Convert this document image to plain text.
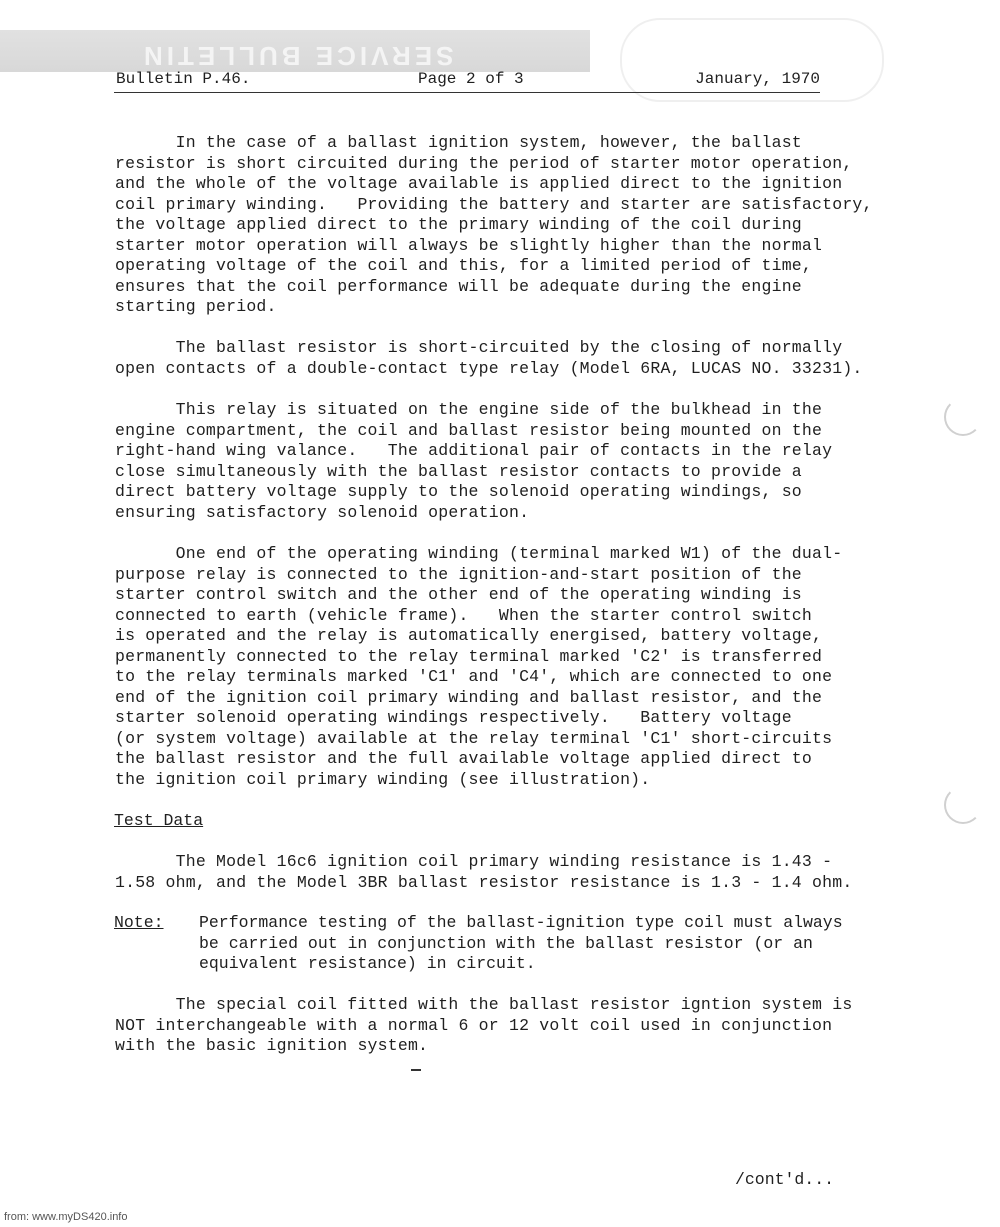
SERVICE BULLETIN
Bulletin P.46.	Page 2 of 3	January, 1970
In the case of a ballast ignition system, however, the ballast
resistor is short circuited during the period of starter motor operation,
and the whole of the voltage available is applied direct to the ignition
coil primary winding.   Providing the battery and starter are satisfactory,
the voltage applied direct to the primary winding of the coil during
starter motor operation will always be slightly higher than the normal
operating voltage of the coil and this, for a limited period of time,
ensures that the coil performance will be adequate during the engine
starting period.
The ballast resistor is short-circuited by the closing of normally
open contacts of a double-contact type relay (Model 6RA, LUCAS NO. 33231).
This relay is situated on the engine side of the bulkhead in the
engine compartment, the coil and ballast resistor being mounted on the
right-hand wing valance.   The additional pair of contacts in the relay
close simultaneously with the ballast resistor contacts to provide a
direct battery voltage supply to the solenoid operating windings, so
ensuring satisfactory solenoid operation.
One end of the operating winding (terminal marked W1) of the dual-
purpose relay is connected to the ignition-and-start position of the
starter control switch and the other end of the operating winding is
connected to earth (vehicle frame).   When the starter control switch
is operated and the relay is automatically energised, battery voltage,
permanently connected to the relay terminal marked 'C2' is transferred
to the relay terminals marked 'C1' and 'C4', which are connected to one
end of the ignition coil primary winding and ballast resistor, and the
starter solenoid operating windings respectively.   Battery voltage
(or system voltage) available at the relay terminal 'C1' short-circuits
the ballast resistor and the full available voltage applied direct to
the ignition coil primary winding (see illustration).
Test Data
The Model 16c6 ignition coil primary winding resistance is 1.43 -
1.58 ohm, and the Model 3BR ballast resistor resistance is 1.3 - 1.4 ohm.
Note: Performance testing of the ballast-ignition type coil must always
be carried out in conjunction with the ballast resistor (or an
equivalent resistance) in circuit.
The special coil fitted with the ballast resistor igntion system is
NOT interchangeable with a normal 6 or 12 volt coil used in conjunction
with the basic ignition system.
/cont'd...
from: www.myDS420.info
